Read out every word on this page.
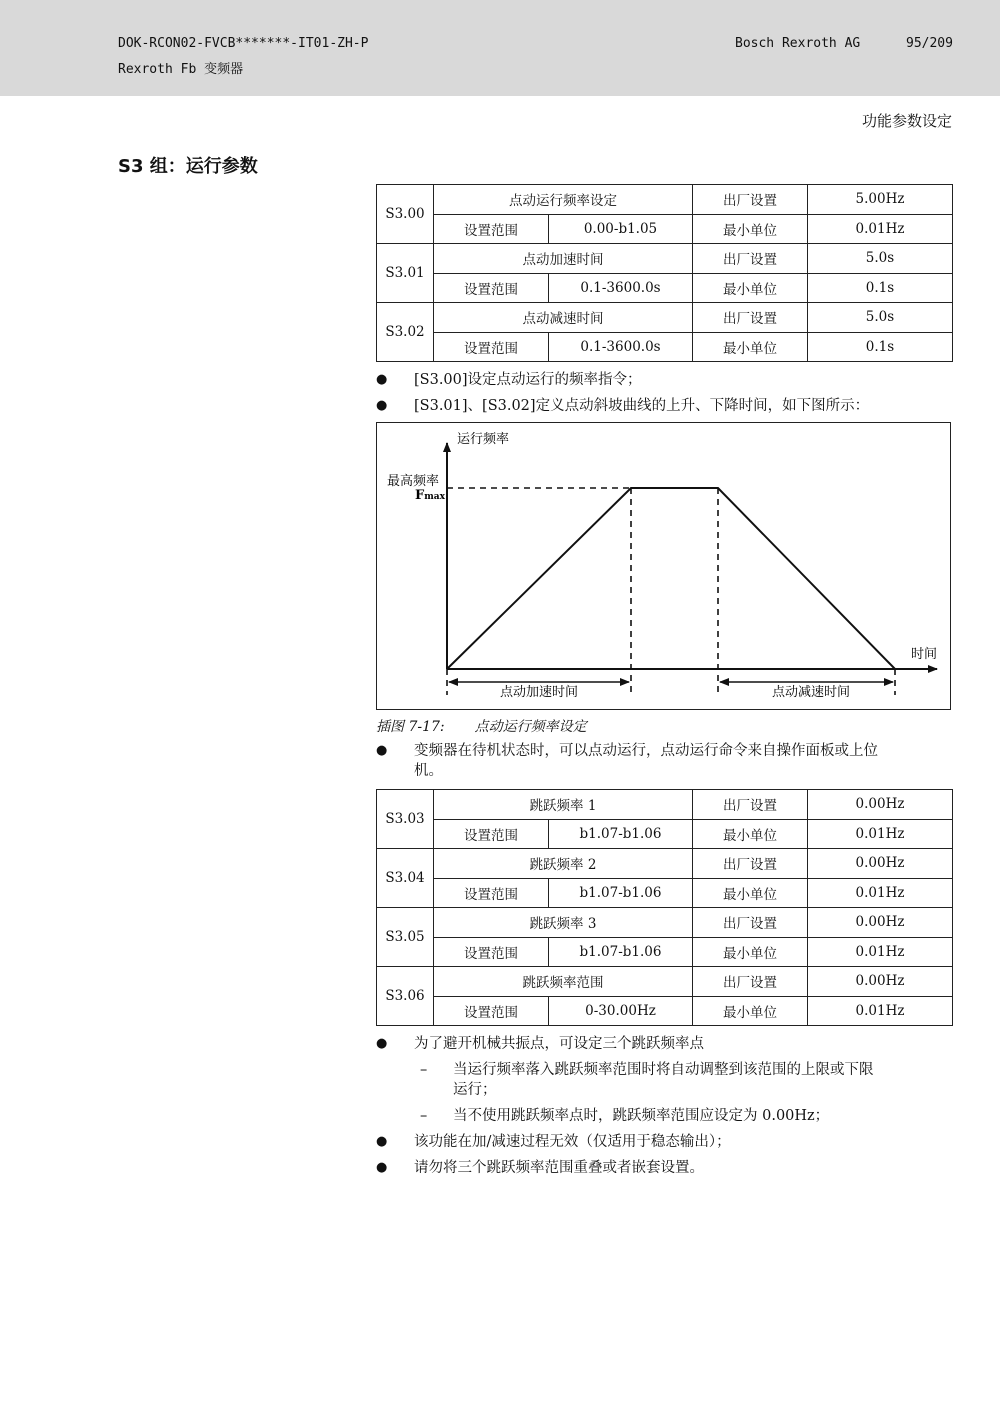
DOK-RCON02-FVCB*******-IT01-ZH-P
Rexroth Fb 变频器
Bosch Rexroth AG	95/209
功能参数设定
S3 组：运行参数
S3.00	点动运行频率设定		出厂设置	5.00Hz
	设置范围	0.00-b1.05	最小单位	0.01Hz
S3.01	点动加速时间		出厂设置	5.0s
	设置范围	0.1-3600.0s	最小单位	0.1s
S3.02	点动减速时间		出厂设置	5.0s
	设置范围	0.1-3600.0s	最小单位	0.1s
● [S3.00]设定点动运行的频率指令；
● [S3.01]、[S3.02]定义点动斜坡曲线的上升、下降时间，如下图所示：
运行频率
最高频率
Fmax
时间
点动加速时间	点动减速时间
插图 7-17: 点动运行频率设定
● 变频器在待机状态时，可以点动运行，点动运行命令来自操作面板或上位
机。
S3.03	跳跃频率 1		出厂设置	0.00Hz
	设置范围	b1.07-b1.06	最小单位	0.01Hz
S3.04	跳跃频率 2		出厂设置	0.00Hz
	设置范围	b1.07-b1.06	最小单位	0.01Hz
S3.05	跳跃频率 3		出厂设置	0.00Hz
	设置范围	b1.07-b1.06	最小单位	0.01Hz
S3.06	跳跃频率范围		出厂设置	0.00Hz
	设置范围	0-30.00Hz	最小单位	0.01Hz
● 为了避开机械共振点，可设定三个跳跃频率点
– 当运行频率落入跳跃频率范围时将自动调整到该范围的上限或下限
运行；
– 当不使用跳跃频率点时，跳跃频率范围应设定为 0.00Hz；
● 该功能在加/减速过程无效（仅适用于稳态输出）；
● 请勿将三个跳跃频率范围重叠或者嵌套设置。
